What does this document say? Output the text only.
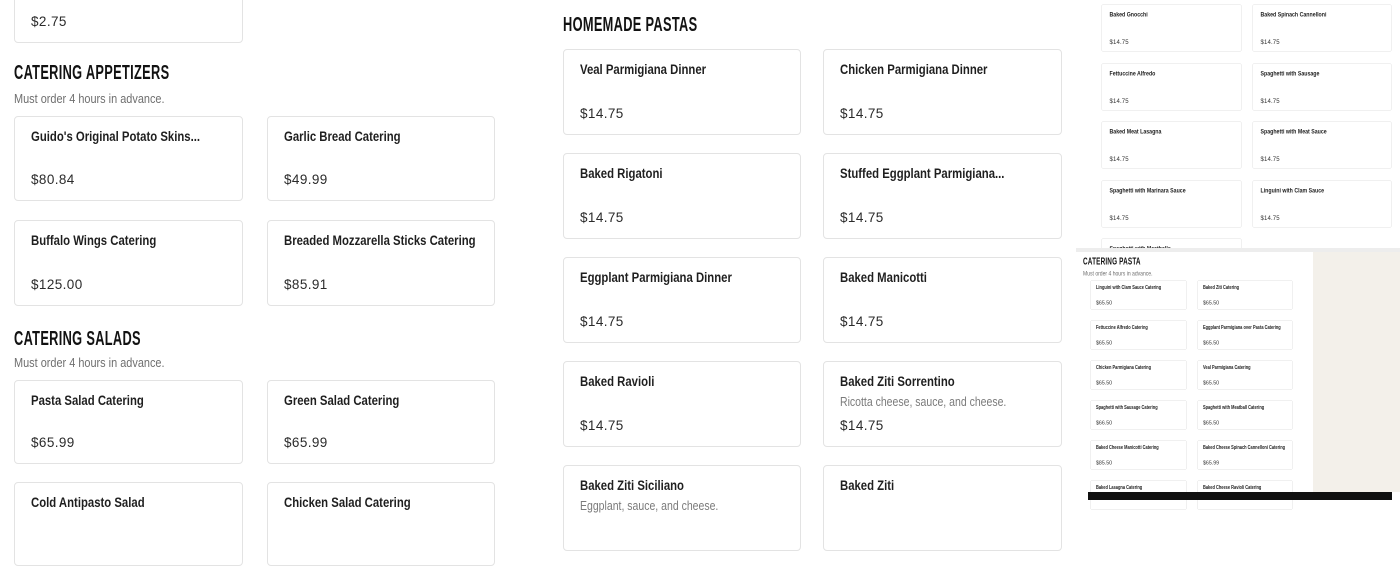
$2.75
CATERING APPETIZERS
Must order 4 hours in advance.
Guido's Original Potato Skins...
$80.84
Garlic Bread Catering
$49.99
Buffalo Wings Catering
$125.00
Breaded Mozzarella Sticks Catering
$85.91
CATERING SALADS
Must order 4 hours in advance.
Pasta Salad Catering
$65.99
Green Salad Catering
$65.99
Cold Antipasto Salad	Chicken Salad Catering
HOMEMADE PASTAS
Veal Parmigiana Dinner
$14.75
Chicken Parmigiana Dinner
$14.75
Baked Rigatoni
$14.75
Stuffed Eggplant Parmigiana...
$14.75
Eggplant Parmigiana Dinner
$14.75
Baked Manicotti
$14.75
Baked Ravioli
$14.75
Baked Ziti Sorrentino
Ricotta cheese, sauce, and cheese.
$14.75
Baked Ziti Siciliano
Eggplant, sauce, and cheese.
Baked Ziti
Baked Gnocchi
$14.75
Baked Spinach Cannelloni
$14.75
Fettuccine Alfredo
$14.75
Spaghetti with Sausage
$14.75
Baked Meat Lasagna
$14.75
Spaghetti with Meat Sauce
$14.75
Spaghetti with Marinara Sauce
$14.75
Linguini with Clam Sauce
$14.75
CATERING PASTA
Must order 4 hours in advance.
Linguini with Clam Sauce Catering
$65.50
Baked Ziti Catering
$65.50
Fettuccine Alfredo Catering
$65.50
Eggplant Parmigiana over Pasta Catering
$65.50
Chicken Parmigiana Catering
$65.50
Veal Parmigiana Catering
$65.50
Spaghetti with Sausage Catering
$66.50
Spaghetti with Meatball Catering
$65.50
Baked Cheese Manicotti Catering
$85.50
Baked Cheese Spinach Cannelloni Catering
$65.99
Baked Lasagna Catering	Baked Cheese Ravioli Catering
